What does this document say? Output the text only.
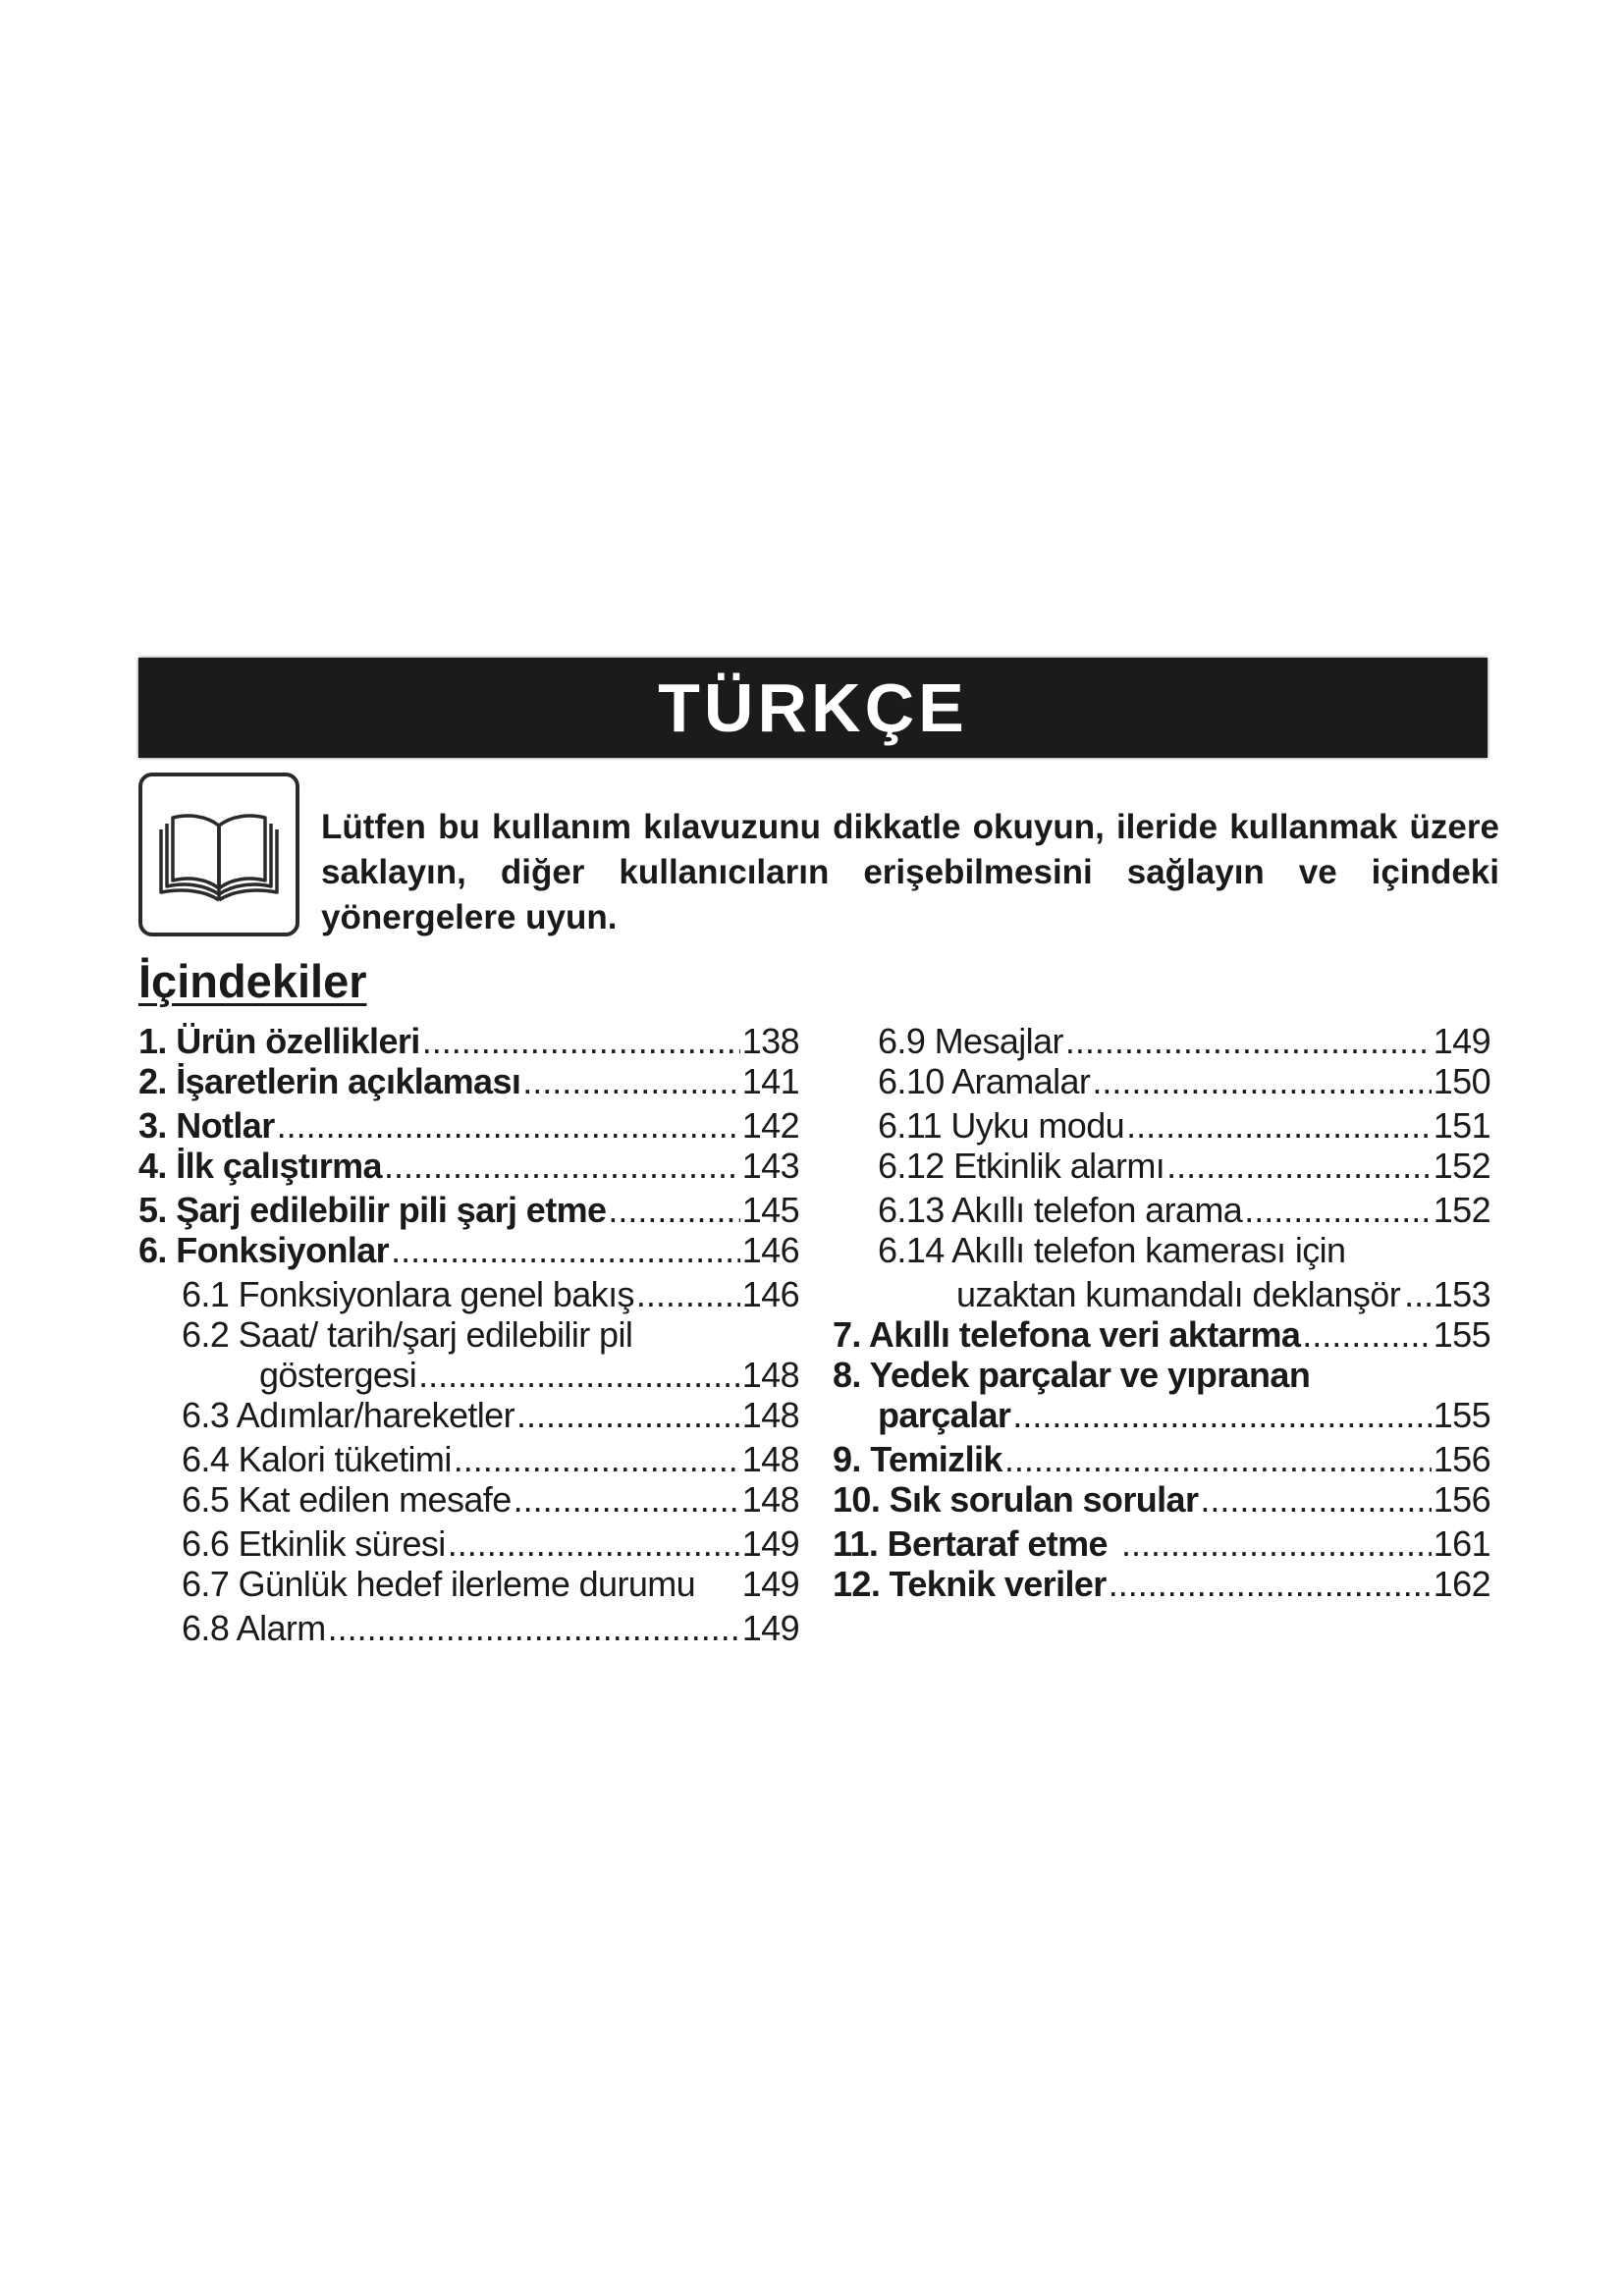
TÜRKÇE
Lütfen bu kullanım kılavuzunu dikkatle okuyun, ileride kullanmak üzere saklayın, diğer kullanıcıların erişebilmesini sağlayın ve içindeki yönergelere uyun.
İçindekiler
1. Ürün özellikleri .....	138
2. İşaretlerin açıklaması .....	141
3. Notlar .....	142
4. İlk çalıştırma .....	143
5. Şarj edilebilir pili şarj etme .....	145
6. Fonksiyonlar .....	146
6.1 Fonksiyonlara genel bakış .....	146
6.2 Saat/ tarih/şarj edilebilir pil
göstergesi .....	148
6.3 Adımlar/hareketler .....	148
6.4 Kalori tüketimi .....	148
6.5 Kat edilen mesafe .....	148
6.6 Etkinlik süresi .....	149
6.7 Günlük hedef ilerleme durumu 149
6.8 Alarm .....	149
6.9 Mesajlar .....	149
6.10 Aramalar .....	150
6.11 Uyku modu .....	151
6.12 Etkinlik alarmı .....	152
6.13 Akıllı telefon arama .....	152
6.14 Akıllı telefon kamerası için
uzaktan kumandalı deklanşör ..... 153
7. Akıllı telefona veri aktarma .....	155
8. Yedek parçalar ve yıpranan
parçalar .....	155
9. Temizlik .....	156
10. Sık sorulan sorular .....	156
11. Bertaraf etme .....	161
12. Teknik veriler .....	162
